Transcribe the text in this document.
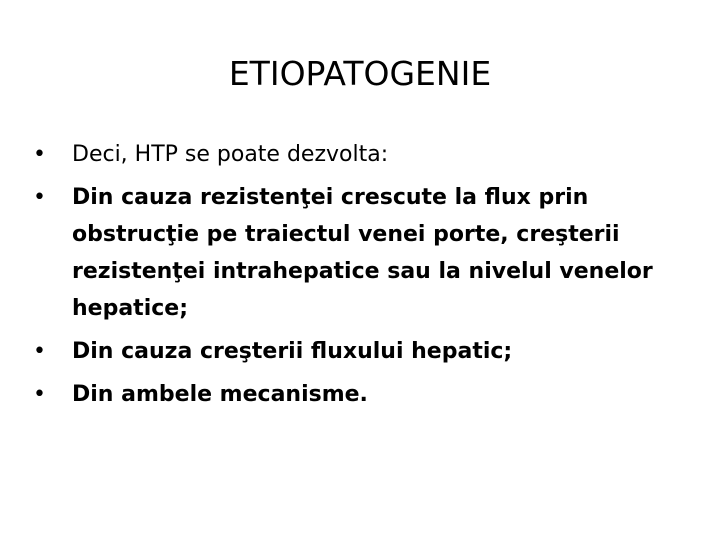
ETIOPATOGENIE
• Deci, HTP se poate dezvolta:
• Din cauza rezistenţei crescute la flux prin obstrucţie pe traiectul venei porte, creşterii rezistenţei intrahepatice sau la nivelul venelor hepatice;
• Din cauza creşterii fluxului hepatic;
• Din ambele mecanisme.
